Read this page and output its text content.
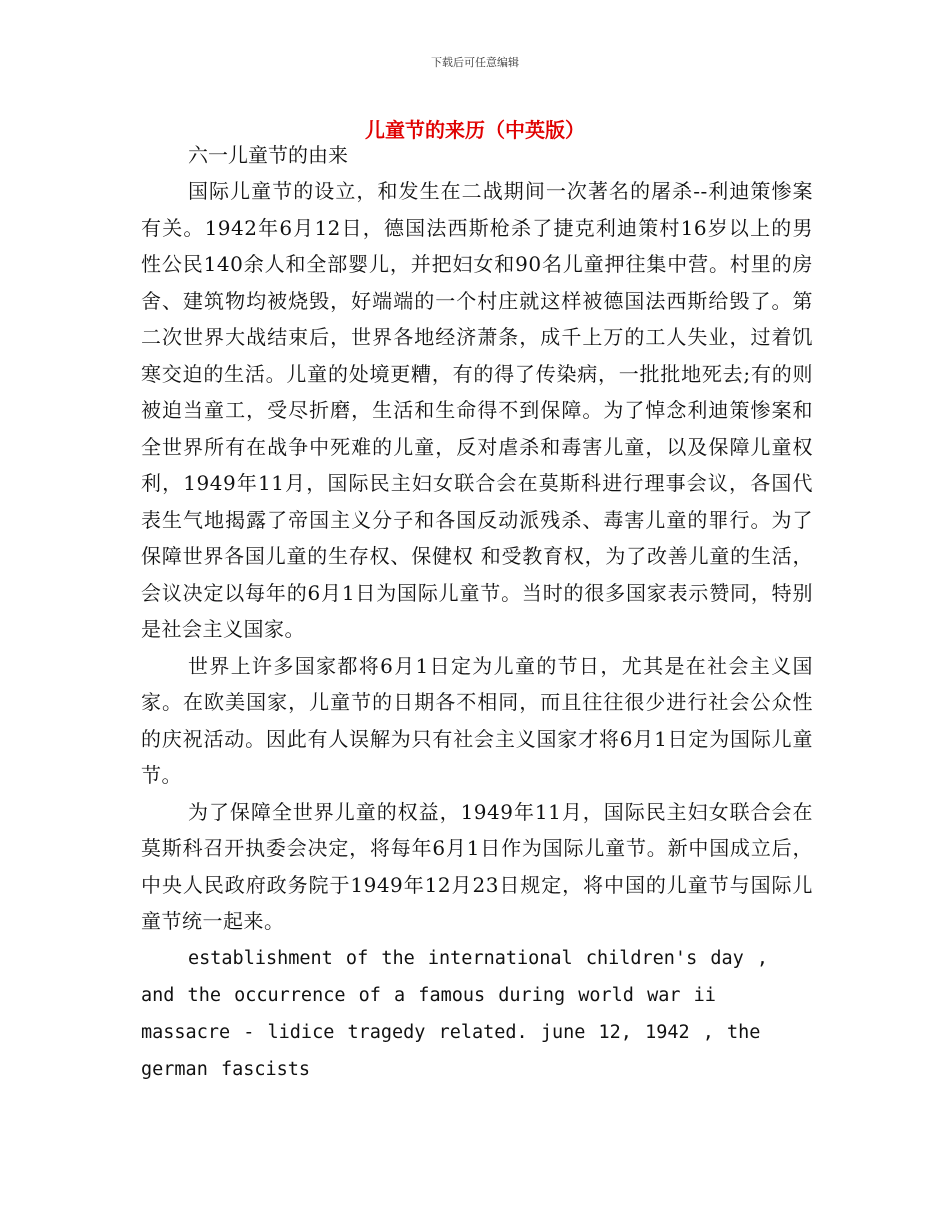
下载后可任意编辑
儿童节的来历（中英版）

六一儿童节的由来

国际儿童节的设立，和发生在二战期间一次著名的屠杀--利迪策惨案有关。1942年6月12日，德国法西斯枪杀了捷克利迪策村16岁以上的男性公民140余人和全部婴儿，并把妇女和90名儿童押往集中营。村里的房舍、建筑物均被烧毁，好端端的一个村庄就这样被德国法西斯给毁了。第二次世界大战结束后，世界各地经济萧条，成千上万的工人失业，过着饥寒交迫的生活。儿童的处境更糟，有的得了传染病，一批批地死去;有的则被迫当童工，受尽折磨，生活和生命得不到保障。为了悼念利迪策惨案和全世界所有在战争中死难的儿童，反对虐杀和毒害儿童，以及保障儿童权利，1949年11月，国际民主妇女联合会在莫斯科进行理事会议，各国代表生气地揭露了帝国主义分子和各国反动派残杀、毒害儿童的罪行。为了保障世界各国儿童的生存权、保健权 和受教育权，为了改善儿童的生活，会议决定以每年的6月1日为国际儿童节。当时的很多国家表示赞同，特别是社会主义国家。

世界上许多国家都将6月1日定为儿童的节日，尤其是在社会主义国家。在欧美国家，儿童节的日期各不相同，而且往往很少进行社会公众性的庆祝活动。因此有人误解为只有社会主义国家才将6月1日定为国际儿童节。

为了保障全世界儿童的权益，1949年11月，国际民主妇女联合会在莫斯科召开执委会决定，将每年6月1日作为国际儿童节。新中国成立后，中央人民政府政务院于1949年12月23日规定，将中国的儿童节与国际儿童节统一起来。

establishment of the international children's day , and the occurrence of a famous during world war ii massacre - lidice tragedy related. june 12, 1942 , the german fascists
